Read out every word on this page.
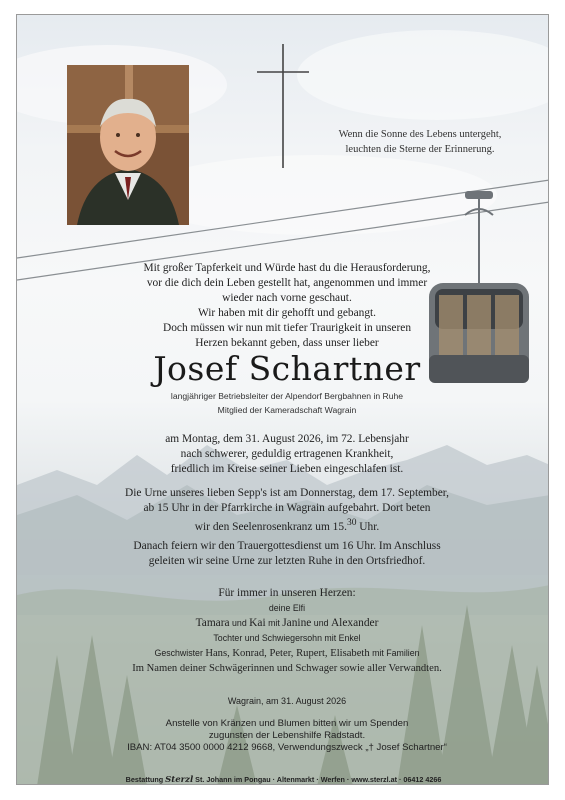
Wenn die Sonne des Lebens untergeht,

leuchten die Sterne der Erinnerung.

Mit großer Tapferkeit und Würde hast du die Herausforderung,

vor die dich dein Leben gestellt hat, angenommen und immer

wieder nach vorne geschaut.

Wir haben mit dir gehofft und gebangt.

Doch müssen wir nun mit tiefer Traurigkeit in unseren

Herzen bekannt geben, dass unser lieber

Josef Schartner

langjähriger Betriebsleiter der Alpendorf Bergbahnen in Ruhe

Mitglied der Kameradschaft Wagrain

am Montag, dem 31. August 2026, im 72. Lebensjahr

nach schwerer, geduldig ertragenen Krankheit,

friedlich im Kreise seiner Lieben eingeschlafen ist.

Die Urne unseres lieben Sepp's ist am Donnerstag, dem 17. September,

ab 15 Uhr in der Pfarrkirche in Wagrain aufgebahrt. Dort beten

wir den Seelenrosenkranz um 15.30 Uhr.

Danach feiern wir den Trauergottesdienst um 16 Uhr. Im Anschluss

geleiten wir seine Urne zur letzten Ruhe in den Ortsfriedhof.

Für immer in unseren Herzen:

deine Elfi

Tamara und Kai mit Janine und Alexander

Tochter und Schwiegersohn mit Enkel

Geschwister Hans, Konrad, Peter, Rupert, Elisabeth mit Familien

Im Namen deiner Schwägerinnen und Schwager sowie aller Verwandten.

Wagrain, am 31. August 2026

Anstelle von Kränzen und Blumen bitten wir um Spenden

zugunsten der Lebenshilfe Radstadt.

IBAN: AT04 3500 0000 4212 9668, Verwendungszweck „† Josef Schartner“

Bestattung Sterzl St. Johann im Pongau · Altenmarkt · Werfen · www.sterzl.at · 06412 4266
